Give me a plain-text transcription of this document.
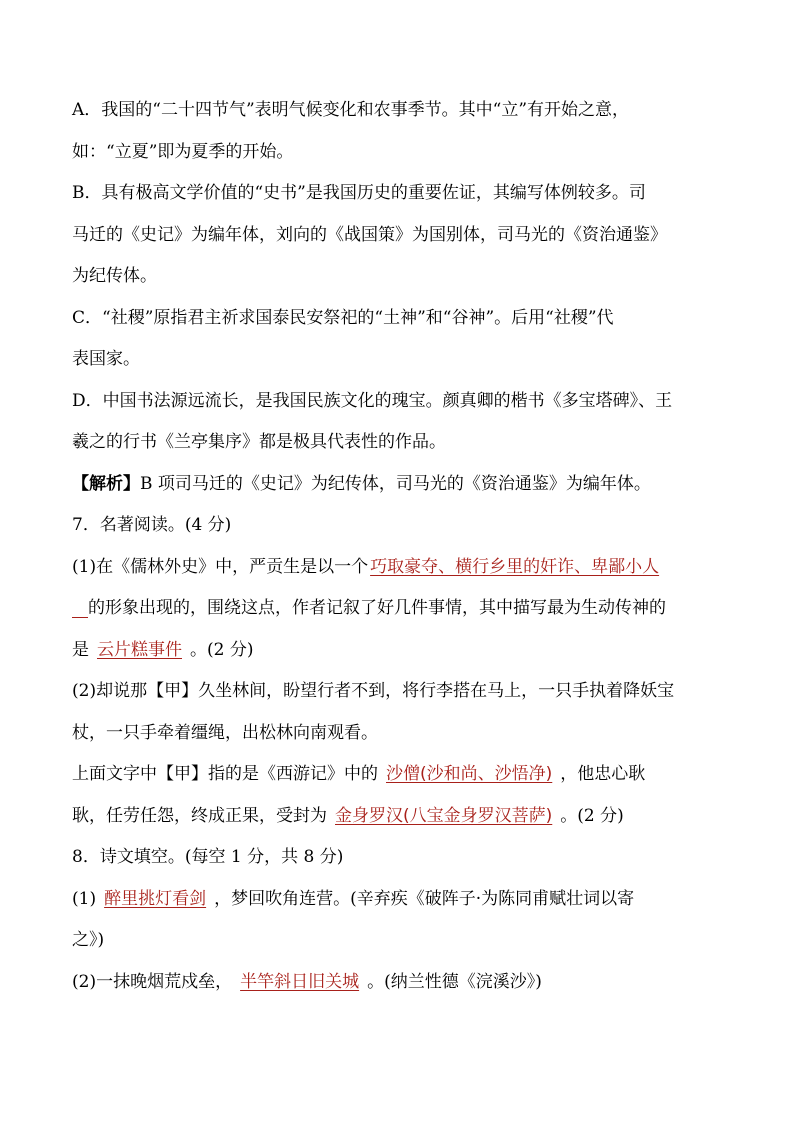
A．我国的“二十四节气”表明气候变化和农事季节。其中“立”有开始之意，

如：“立夏”即为夏季的开始。

B．具有极高文学价值的“史书”是我国历史的重要佐证，其编写体例较多。司

马迁的《史记》为编年体，刘向的《战国策》为国别体，司马光的《资治通鉴》

为纪传体。

C．“社稷”原指君主祈求国泰民安祭祀的“土神”和“谷神”。后用“社稷”代

表国家。

D．中国书法源远流长，是我国民族文化的瑰宝。颜真卿的楷书《多宝塔碑》、王

羲之的行书《兰亭集序》都是极具代表性的作品。

【解析】B 项司马迁的《史记》为纪传体，司马光的《资治通鉴》为编年体。

7．名著阅读。(4 分)

(1)在《儒林外史》中，严贡生是以一个 巧取豪夺、横行乡里的奸诈、卑鄙小人

的形象出现的，围绕这点，作者记叙了好几件事情，其中描写最为生动传神的

是 云片糕事件 。(2 分)

(2)却说那【甲】久坐林间，盼望行者不到，将行李搭在马上，一只手执着降妖宝

杖，一只手牵着缰绳，出松林向南观看。

上面文字中【甲】指的是《西游记》中的 沙僧(沙和尚、沙悟净) ，他忠心耿

耿，任劳任怨，终成正果，受封为 金身罗汉(八宝金身罗汉菩萨) 。(2 分)

8．诗文填空。(每空 1 分，共 8 分)

(1) 醉里挑灯看剑 ，梦回吹角连营。(辛弃疾《破阵子·为陈同甫赋壮词以寄

之》)

(2)一抹晚烟荒戍垒， 半竿斜日旧关城 。(纳兰性德《浣溪沙》)
